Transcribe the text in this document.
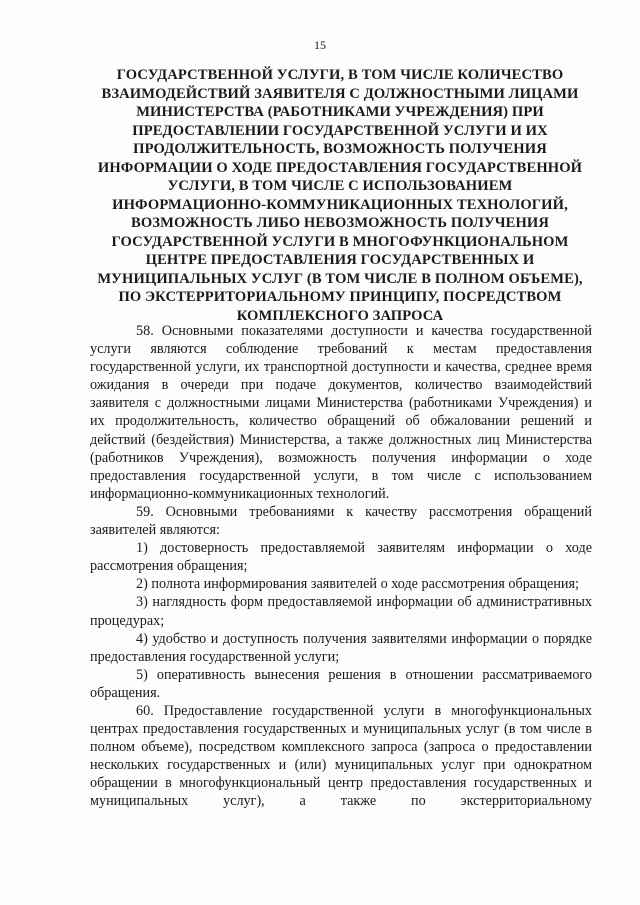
15
ГОСУДАРСТВЕННОЙ УСЛУГИ, В ТОМ ЧИСЛЕ КОЛИЧЕСТВО
ВЗАИМОДЕЙСТВИЙ ЗАЯВИТЕЛЯ С ДОЛЖНОСТНЫМИ ЛИЦАМИ
МИНИСТЕРСТВА (РАБОТНИКАМИ УЧРЕЖДЕНИЯ) ПРИ
ПРЕДОСТАВЛЕНИИ ГОСУДАРСТВЕННОЙ УСЛУГИ И ИХ
ПРОДОЛЖИТЕЛЬНОСТЬ, ВОЗМОЖНОСТЬ ПОЛУЧЕНИЯ
ИНФОРМАЦИИ О ХОДЕ ПРЕДОСТАВЛЕНИЯ ГОСУДАРСТВЕННОЙ
УСЛУГИ, В ТОМ ЧИСЛЕ С ИСПОЛЬЗОВАНИЕМ
ИНФОРМАЦИОННО-КОММУНИКАЦИОННЫХ ТЕХНОЛОГИЙ,
ВОЗМОЖНОСТЬ ЛИБО НЕВОЗМОЖНОСТЬ ПОЛУЧЕНИЯ
ГОСУДАРСТВЕННОЙ УСЛУГИ В МНОГОФУНКЦИОНАЛЬНОМ
ЦЕНТРЕ ПРЕДОСТАВЛЕНИЯ ГОСУДАРСТВЕННЫХ И
МУНИЦИПАЛЬНЫХ УСЛУГ (В ТОМ ЧИСЛЕ В ПОЛНОМ ОБЪЕМЕ),
ПО ЭКСТЕРРИТОРИАЛЬНОМУ ПРИНЦИПУ, ПОСРЕДСТВОМ
КОМПЛЕКСНОГО ЗАПРОСА

58. Основными показателями доступности и качества государственной услуги являются соблюдение требований к местам предоставления государственной услуги, их транспортной доступности и качества, среднее время ожидания в очереди при подаче документов, количество взаимодействий заявителя с должностными лицами Министерства (работниками Учреждения) и их продолжительность, количество обращений об обжаловании решений и действий (бездействия) Министерства, а также должностных лиц Министерства (работников Учреждения), возможность получения информации о ходе предоставления государственной услуги, в том числе с использованием информационно-коммуникационных технологий.

59. Основными требованиями к качеству рассмотрения обращений заявителей являются:

1) достоверность предоставляемой заявителям информации о ходе рассмотрения обращения;

2) полнота информирования заявителей о ходе рассмотрения обращения;

3) наглядность форм предоставляемой информации об административных процедурах;

4) удобство и доступность получения заявителями информации о порядке предоставления государственной услуги;

5) оперативность вынесения решения в отношении рассматриваемого обращения.

60. Предоставление государственной услуги в многофункциональных центрах предоставления государственных и муниципальных услуг (в том числе в полном объеме), посредством комплексного запроса (запроса о предоставлении нескольких государственных и (или) муниципальных услуг при однократном обращении в многофункциональный центр предоставления государственных и муниципальных услуг), а также по экстерриториальному
